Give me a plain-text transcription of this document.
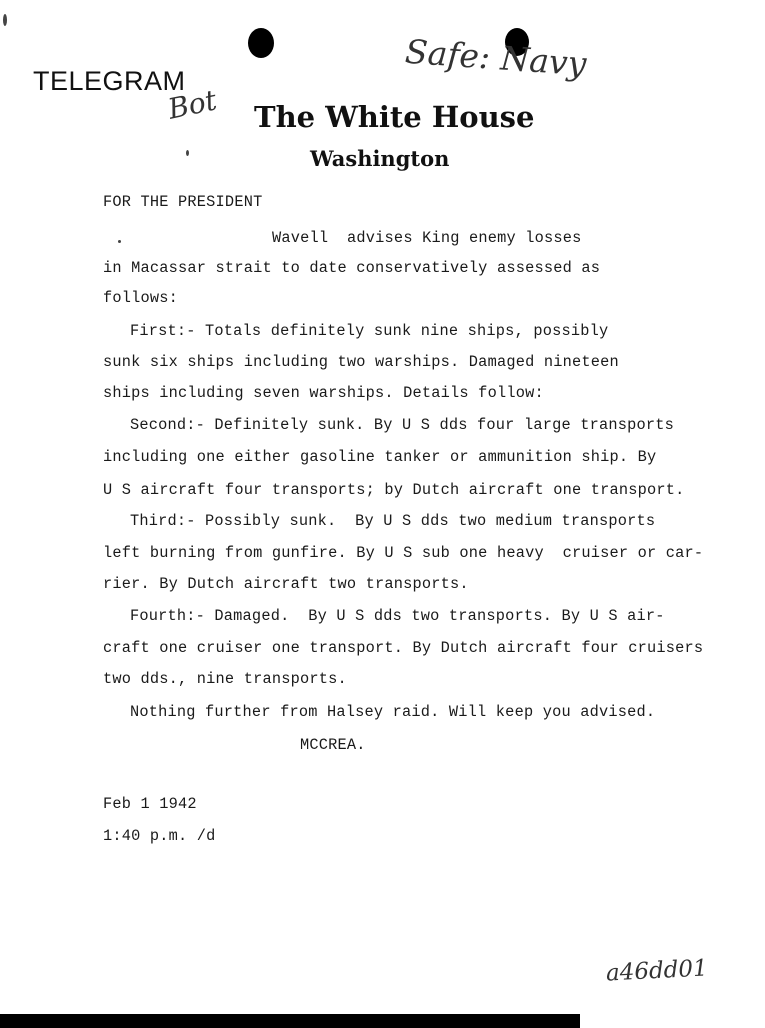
TELEGRAM
The White House
Washington
Safe: Navy
Bot
a46dd01
FOR THE PRESIDENT
Wavell  advises King enemy losses
in Macassar strait to date conservatively assessed as
follows:
First:- Totals definitely sunk nine ships, possibly
sunk six ships including two warships. Damaged nineteen
ships including seven warships. Details follow:
Second:- Definitely sunk. By U S dds four large transports
including one either gasoline tanker or ammunition ship. By
U S aircraft four transports; by Dutch aircraft one transport.
Third:- Possibly sunk.  By U S dds two medium transports
left burning from gunfire. By U S sub one heavy  cruiser or car-
rier. By Dutch aircraft two transports.
Fourth:- Damaged.  By U S dds two transports. By U S air-
craft one cruiser one transport. By Dutch aircraft four cruisers
two dds., nine transports.
Nothing further from Halsey raid. Will keep you advised.
MCCREA.
Feb 1 1942
1:40 p.m. /d
